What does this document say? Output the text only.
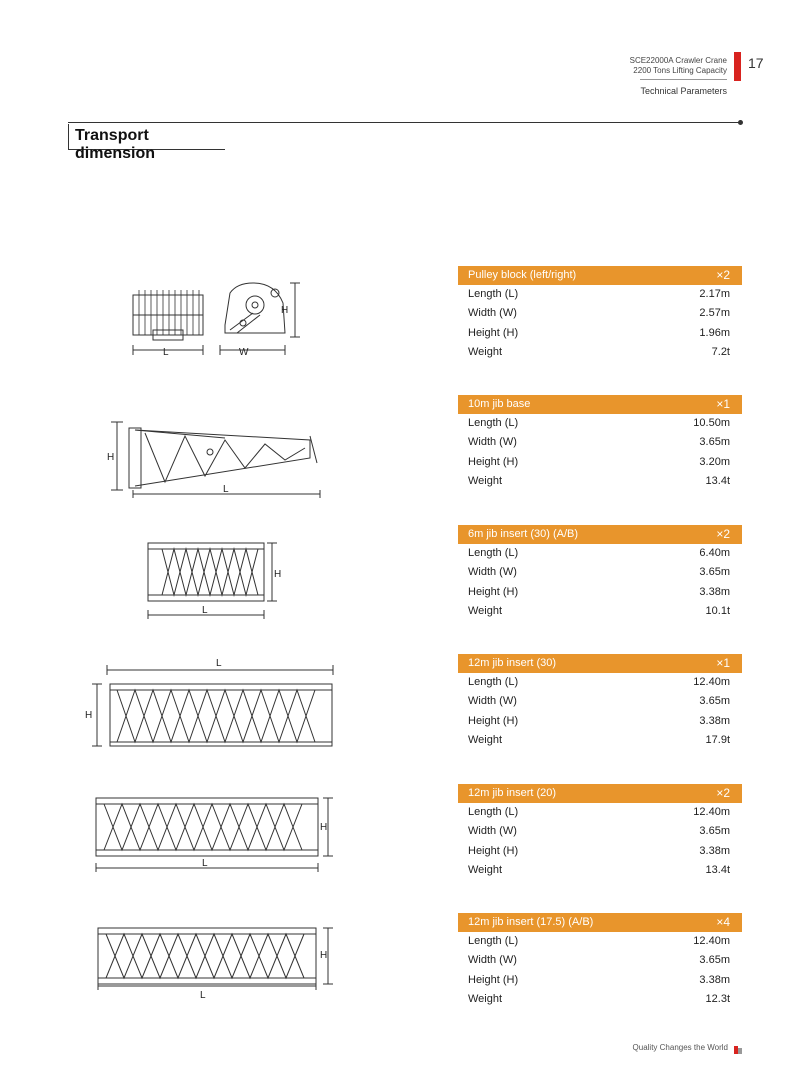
SCE22000A Crawler Crane
2200 Tons Lifting Capacity
Technical Parameters
17
Transport dimension
Pulley block (left/right)	×2
Length (L)	2.17m
Width (W)	2.57m
Height (H)	1.96m
Weight	7.2t
10m jib base	×1
Length (L)	10.50m
Width (W)	3.65m
Height (H)	3.20m
Weight	13.4t
6m jib insert (30) (A/B)	×2
Length (L)	6.40m
Width (W)	3.65m
Height (H)	3.38m
Weight	10.1t
12m jib insert (30)	×1
Length (L)	12.40m
Width (W)	3.65m
Height (H)	3.38m
Weight	17.9t
12m jib insert (20)	×2
Length (L)	12.40m
Width (W)	3.65m
Height (H)	3.38m
Weight	13.4t
12m jib insert (17.5) (A/B)	×4
Length (L)	12.40m
Width (W)	3.65m
Height (H)	3.38m
Weight	12.3t
L	W
H
H
L
H
L
L
H
H
L
H
L
Quality Changes the World
